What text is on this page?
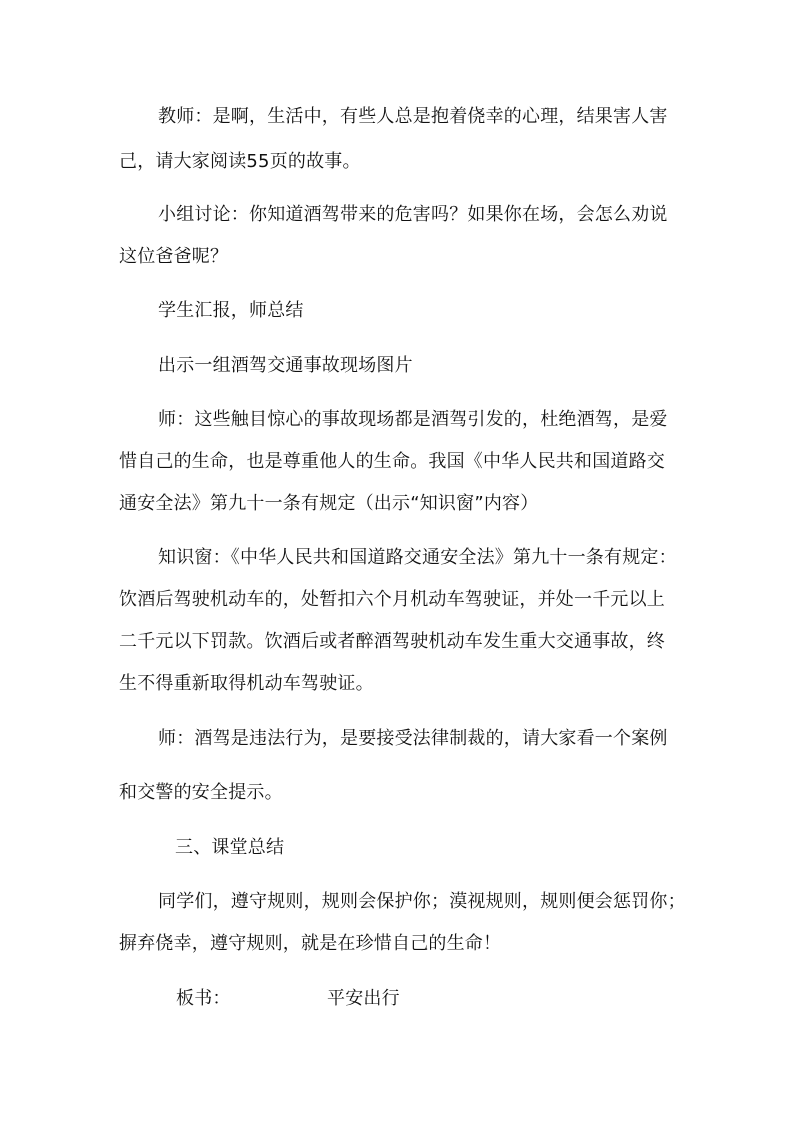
教师：是啊，生活中，有些人总是抱着侥幸的心理，结果害人害
己，请大家阅读55页的故事。
小组讨论：你知道酒驾带来的危害吗？如果你在场，会怎么劝说
这位爸爸呢？
学生汇报，师总结
出示一组酒驾交通事故现场图片
师：这些触目惊心的事故现场都是酒驾引发的，杜绝酒驾，是爱
惜自己的生命，也是尊重他人的生命。我国《中华人民共和国道路交
通安全法》第九十一条有规定（出示“知识窗”内容）
知识窗：《中华人民共和国道路交通安全法》第九十一条有规定：
饮酒后驾驶机动车的，处暂扣六个月机动车驾驶证，并处一千元以上
二千元以下罚款。饮酒后或者醉酒驾驶机动车发生重大交通事故，终
生不得重新取得机动车驾驶证。
师：酒驾是违法行为，是要接受法律制裁的，请大家看一个案例
和交警的安全提示。
三、课堂总结
同学们，遵守规则，规则会保护你；漠视规则，规则便会惩罚你；
摒弃侥幸，遵守规则，就是在珍惜自己的生命！
板书：	平安出行
